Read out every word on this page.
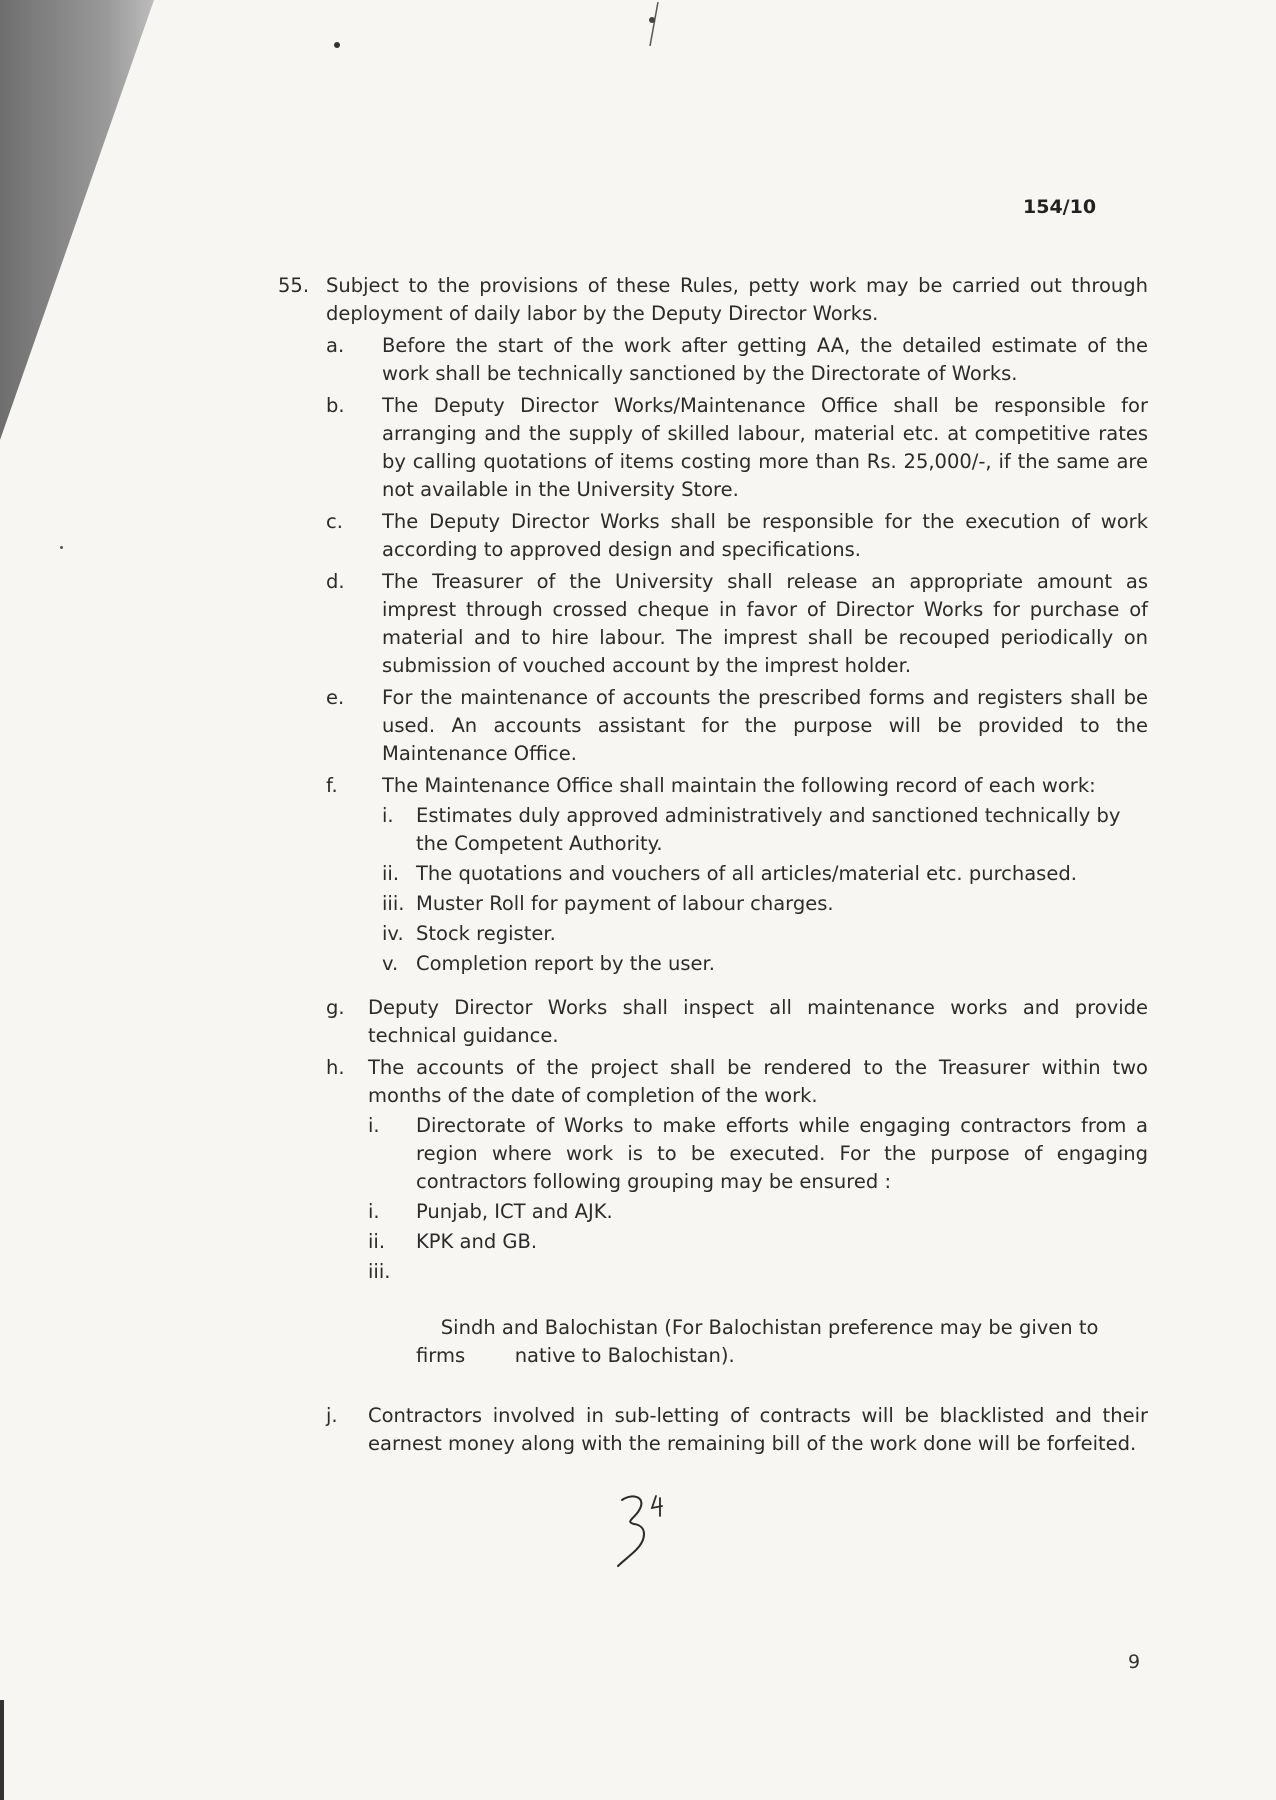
154/10
55. Subject to the provisions of these Rules, petty work may be carried out through deployment of daily labor by the Deputy Director Works.
a. Before the start of the work after getting AA, the detailed estimate of the work shall be technically sanctioned by the Directorate of Works.
b. The Deputy Director Works/Maintenance Office shall be responsible for arranging and the supply of skilled labour, material etc. at competitive rates by calling quotations of items costing more than Rs. 25,000/-, if the same are not available in the University Store.
c. The Deputy Director Works shall be responsible for the execution of work according to approved design and specifications.
d. The Treasurer of the University shall release an appropriate amount as imprest through crossed cheque in favor of Director Works for purchase of material and to hire labour. The imprest shall be recouped periodically on submission of vouched account by the imprest holder.
e. For the maintenance of accounts the prescribed forms and registers shall be used. An accounts assistant for the purpose will be provided to the Maintenance Office.
f. The Maintenance Office shall maintain the following record of each work:
i. Estimates duly approved administratively and sanctioned technically by the Competent Authority.
ii. The quotations and vouchers of all articles/material etc. purchased.
iii. Muster Roll for payment of labour charges.
iv. Stock register.
v. Completion report by the user.
g. Deputy Director Works shall inspect all maintenance works and provide technical guidance.
h. The accounts of the project shall be rendered to the Treasurer within two months of the date of completion of the work.
i. Directorate of Works to make efforts while engaging contractors from a region where work is to be executed. For the purpose of engaging contractors following grouping may be ensured :
i. Punjab, ICT and AJK.
ii. KPK and GB.

iii.

Sindh and Balochistan (For Balochistan preference may be given to firms        native to Balochistan).

j. Contractors involved in sub-letting of contracts will be blacklisted and their earnest money along with the remaining bill of the work done will be forfeited.
9
